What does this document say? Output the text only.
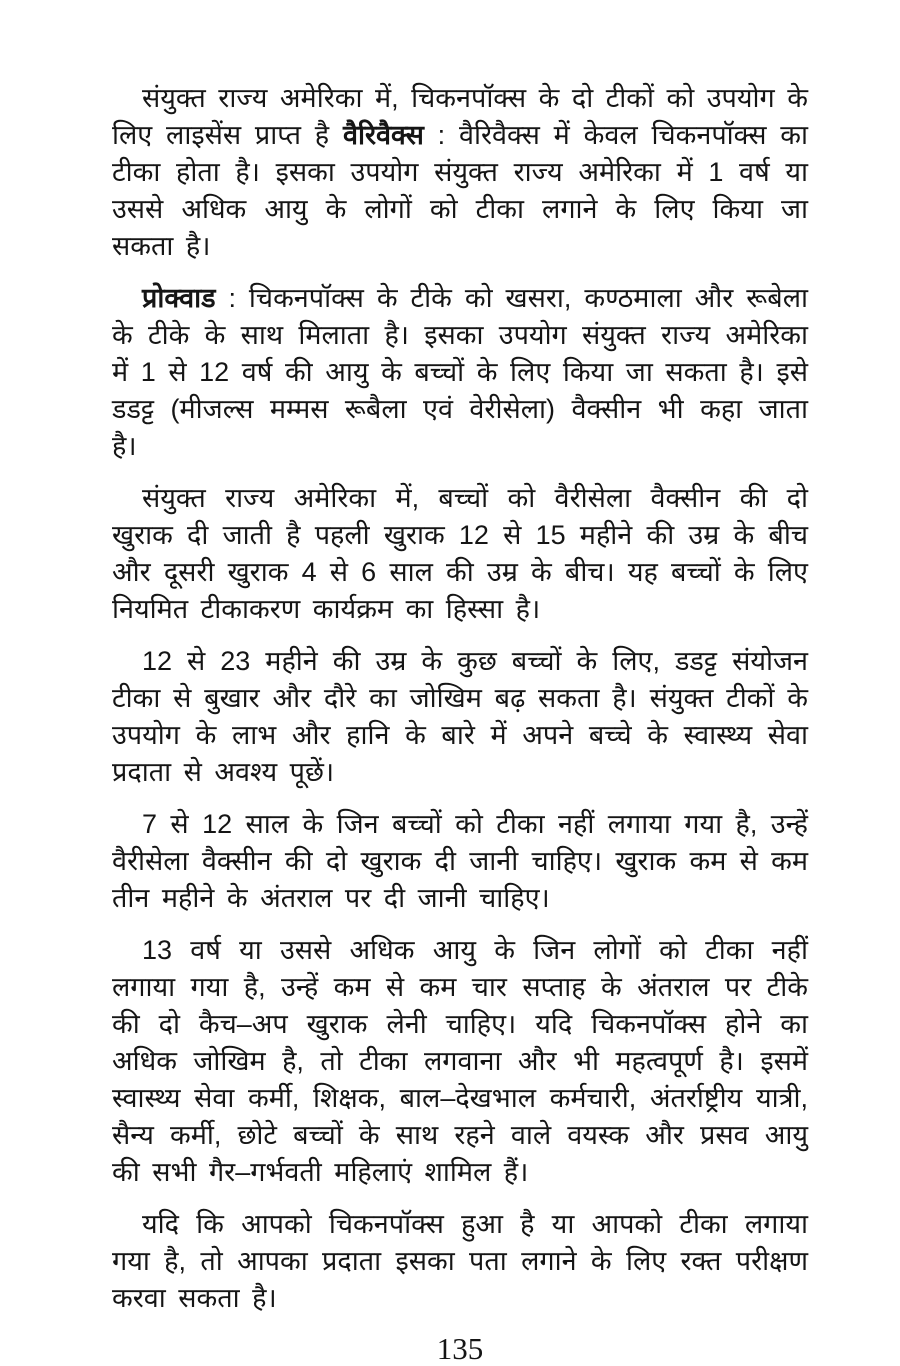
संयुक्त राज्य अमेरिका में, चिकनपॉक्स के दो टीकों को उपयोग के लिए लाइसेंस प्राप्त है वैरिवैक्स : वैरिवैक्स में केवल चिकनपॉक्स का टीका होता है। इसका उपयोग संयुक्त राज्य अमेरिका में 1 वर्ष या उससे अधिक आयु के लोगों को टीका लगाने के लिए किया जा सकता है।

प्रोक्वाड : चिकनपॉक्स के टीके को खसरा, कण्ठमाला और रूबेला के टीके के साथ मिलाता है। इसका उपयोग संयुक्त राज्य अमेरिका में 1 से 12 वर्ष की आयु के बच्चों के लिए किया जा सकता है। इसे डडट्ट (मीजल्स मम्मस रूबैला एवं वेरीसेला) वैक्सीन भी कहा जाता है।

संयुक्त राज्य अमेरिका में, बच्चों को वैरीसेला वैक्सीन की दो खुराक दी जाती है पहली खुराक 12 से 15 महीने की उम्र के बीच और दूसरी खुराक 4 से 6 साल की उम्र के बीच। यह बच्चों के लिए नियमित टीकाकरण कार्यक्रम का हिस्सा है।

12 से 23 महीने की उम्र के कुछ बच्चों के लिए, डडट्ट संयोजन टीका से बुखार और दौरे का जोखिम बढ़ सकता है। संयुक्त टीकों के उपयोग के लाभ और हानि के बारे में अपने बच्चे के स्वास्थ्य सेवा प्रदाता से अवश्य पूछें।

7 से 12 साल के जिन बच्चों को टीका नहीं लगाया गया है, उन्हें वैरीसेला वैक्सीन की दो खुराक दी जानी चाहिए। खुराक कम से कम तीन महीने के अंतराल पर दी जानी चाहिए।

13 वर्ष या उससे अधिक आयु के जिन लोगों को टीका नहीं लगाया गया है, उन्हें कम से कम चार सप्ताह के अंतराल पर टीके की दो कैच–अप खुराक लेनी चाहिए। यदि चिकनपॉक्स होने का अधिक जोखिम है, तो टीका लगवाना और भी महत्वपूर्ण है। इसमें स्वास्थ्य सेवा कर्मी, शिक्षक, बाल–देखभाल कर्मचारी, अंतर्राष्ट्रीय यात्री, सैन्य कर्मी, छोटे बच्चों के साथ रहने वाले वयस्क और प्रसव आयु की सभी गैर–गर्भवती महिलाएं शामिल हैं।

यदि कि आपको चिकनपॉक्स हुआ है या आपको टीका लगाया गया है, तो आपका प्रदाता इसका पता लगाने के लिए रक्त परीक्षण करवा सकता है।

135
